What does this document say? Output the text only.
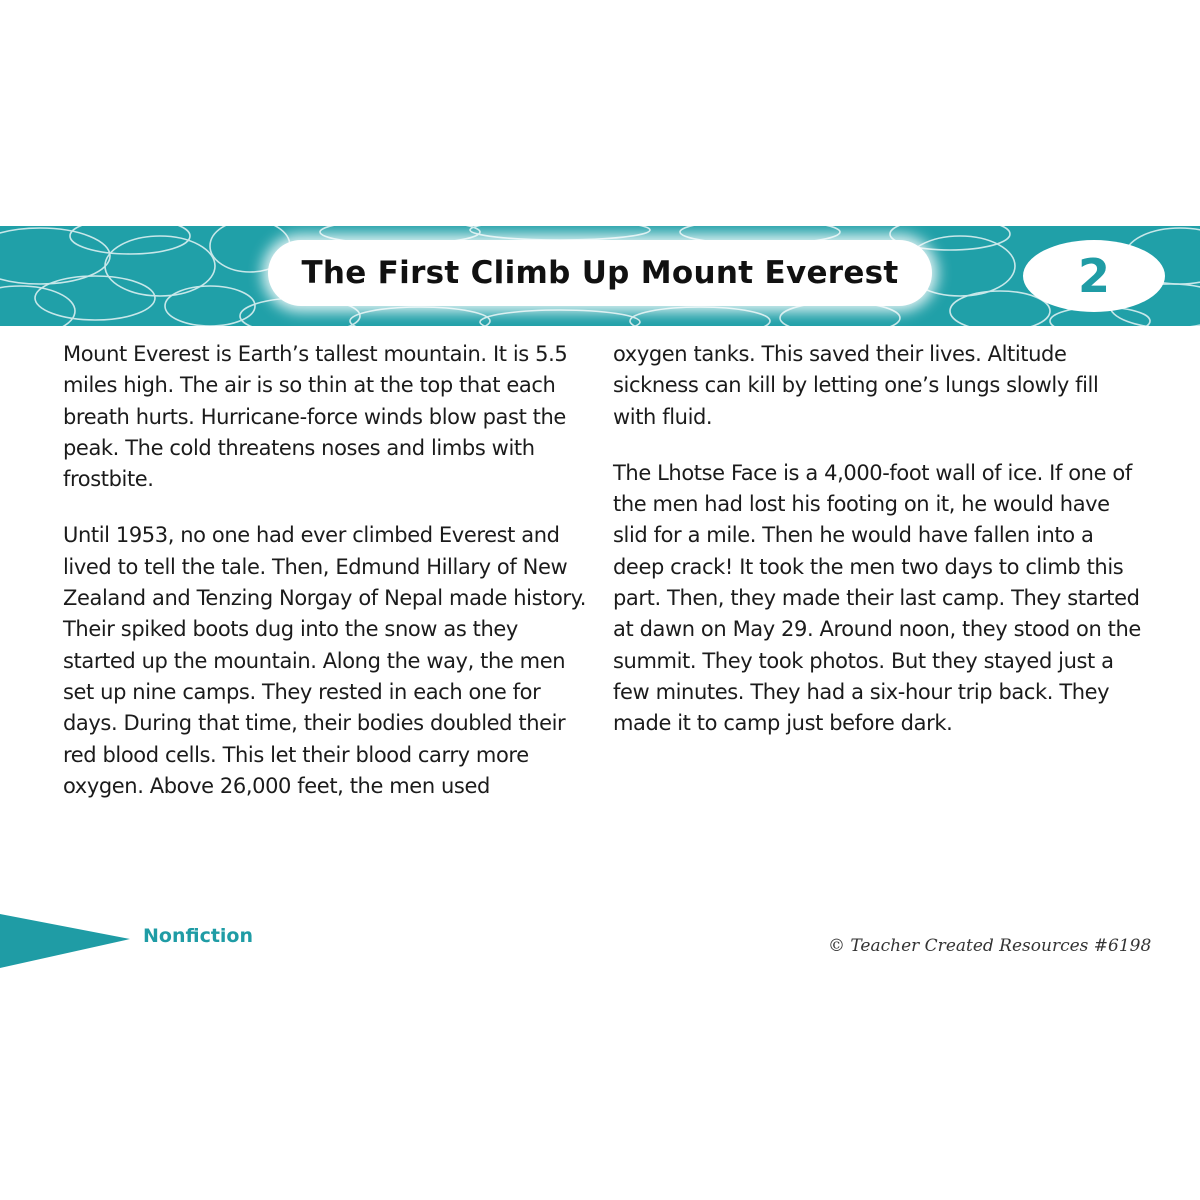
The First Climb Up Mount Everest	2

Mount Everest is Earth’s tallest mountain. It is 5.5 miles high. The air is so thin at the top that each breath hurts. Hurricane-force winds blow past the peak. The cold threatens noses and limbs with frostbite.

Until 1953, no one had ever climbed Everest and lived to tell the tale. Then, Edmund Hillary of New Zealand and Tenzing Norgay of Nepal made history. Their spiked boots dug into the snow as they started up the mountain. Along the way, the men set up nine camps. They rested in each one for days. During that time, their bodies doubled their red blood cells. This let their blood carry more oxygen. Above 26,000 feet, the men used

oxygen tanks. This saved their lives. Altitude sickness can kill by letting one’s lungs slowly fill with fluid.

The Lhotse Face is a 4,000-foot wall of ice. If one of the men had lost his footing on it, he would have slid for a mile. Then he would have fallen into a deep crack! It took the men two days to climb this part. Then, they made their last camp. They started at dawn on May 29. Around noon, they stood on the summit. They took photos. But they stayed just a few minutes. They had a six-hour trip back. They made it to camp just before dark.

Nonfiction	© Teacher Created Resources #6198
